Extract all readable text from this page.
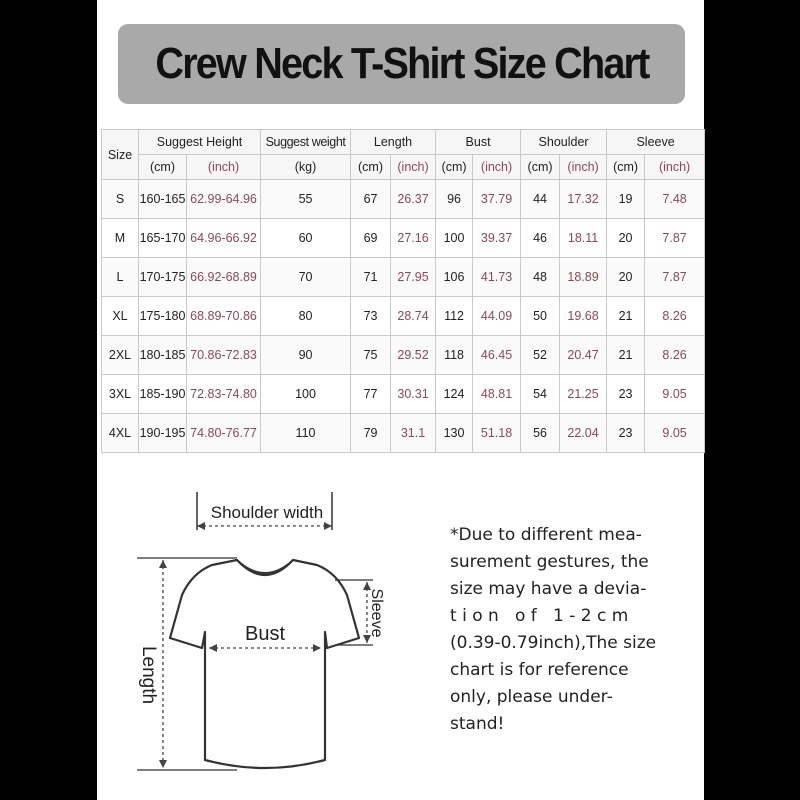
Crew Neck T-Shirt Size Chart
Size	Suggest Height		Suggest weight	Length		Bust		Shoulder		Sleeve	
	(cm)	(inch)	(kg)	(cm)	(inch)	(cm)	(inch)	(cm)	(inch)	(cm)	(inch)
S	160-165	62.99-64.96	55	67	26.37	96	37.79	44	17.32	19	7.48
M	165-170	64.96-66.92	60	69	27.16	100	39.37	46	18.11	20	7.87
L	170-175	66.92-68.89	70	71	27.95	106	41.73	48	18.89	20	7.87
XL	175-180	68.89-70.86	80	73	28.74	112	44.09	50	19.68	21	8.26
2XL	180-185	70.86-72.83	90	75	29.52	118	46.45	52	20.47	21	8.26
3XL	185-190	72.83-74.80	100	77	30.31	124	48.81	54	21.25	23	9.05
4XL	190-195	74.80-76.77	110	79	31.1	130	51.18	56	22.04	23	9.05
Shoulder width
Bust
Length
Sleeve
*Due to different mea-
surement gestures, the
size may have a devia-
t i o n   o f   1 - 2 c m
(0.39-0.79inch),The size
chart is for reference
only, please under-
stand!
